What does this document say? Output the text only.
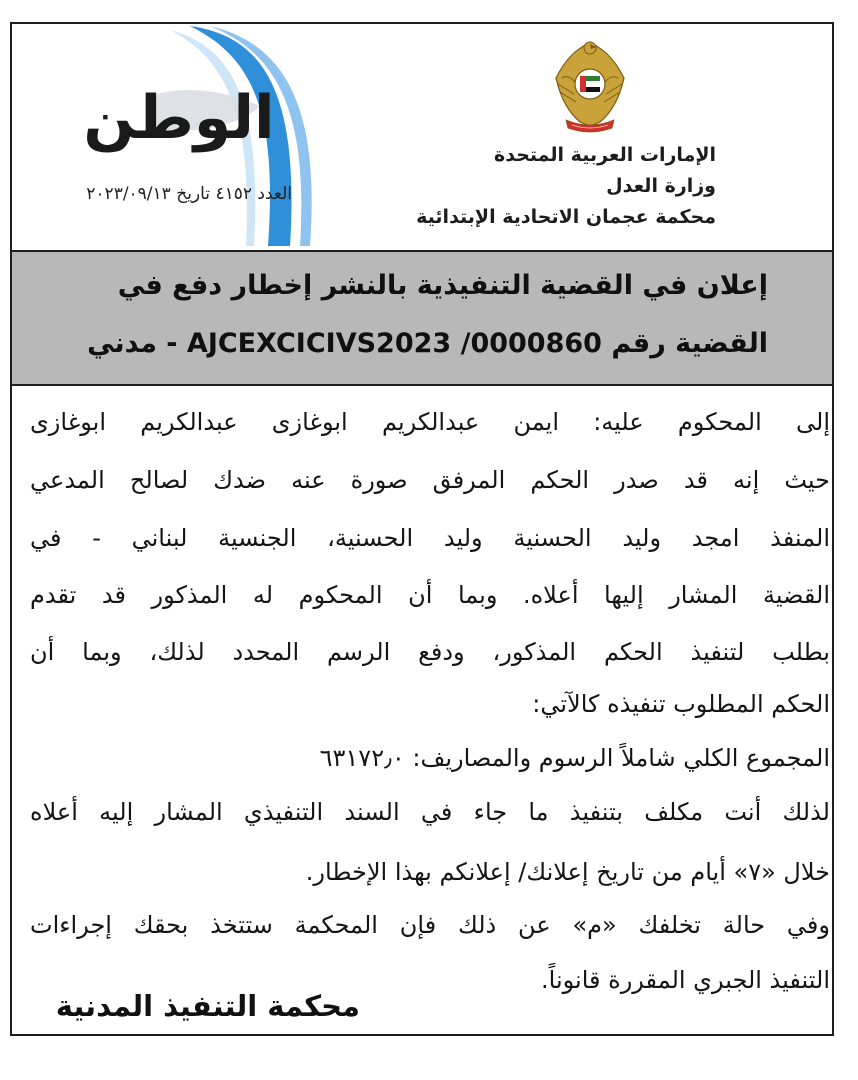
الإمارات العربية المتحدة
وزارة العدل
محكمة عجمان الاتحادية الإبتدائية
الوطن
العدد ٤١٥٢ تاريخ ٢٠٢٣/٠٩/١٣
إعلان في القضية التنفيذية بالنشر إخطار دفع في
القضية رقم AJCEXCICIVS2023 /0000860 - مدني
إلى المحكوم عليه: ايمن عبدالكريم ابوغازى عبدالكريم ابوغازى
حيث إنه قد صدر الحكم المرفق صورة عنه ضدك لصالح المدعي
المنفذ امجد وليد الحسنية وليد الحسنية، الجنسية لبناني - في
القضية المشار إليها أعلاه. وبما أن المحكوم له المذكور قد تقدم
بطلب لتنفيذ الحكم المذكور، ودفع الرسم المحدد لذلك، وبما أن
الحكم المطلوب تنفيذه كالآتي:
المجموع الكلي شاملاً الرسوم والمصاريف: ٦٣١٧٢٫٠
لذلك أنت مكلف بتنفيذ ما جاء في السند التنفيذي المشار إليه أعلاه
خلال «٧» أيام من تاريخ إعلانك/ إعلانكم بهذا الإخطار.
وفي حالة تخلفك «م» عن ذلك فإن المحكمة ستتخذ بحقك إجراءات
التنفيذ الجبري المقررة قانوناً.
محكمة التنفيذ المدنية
